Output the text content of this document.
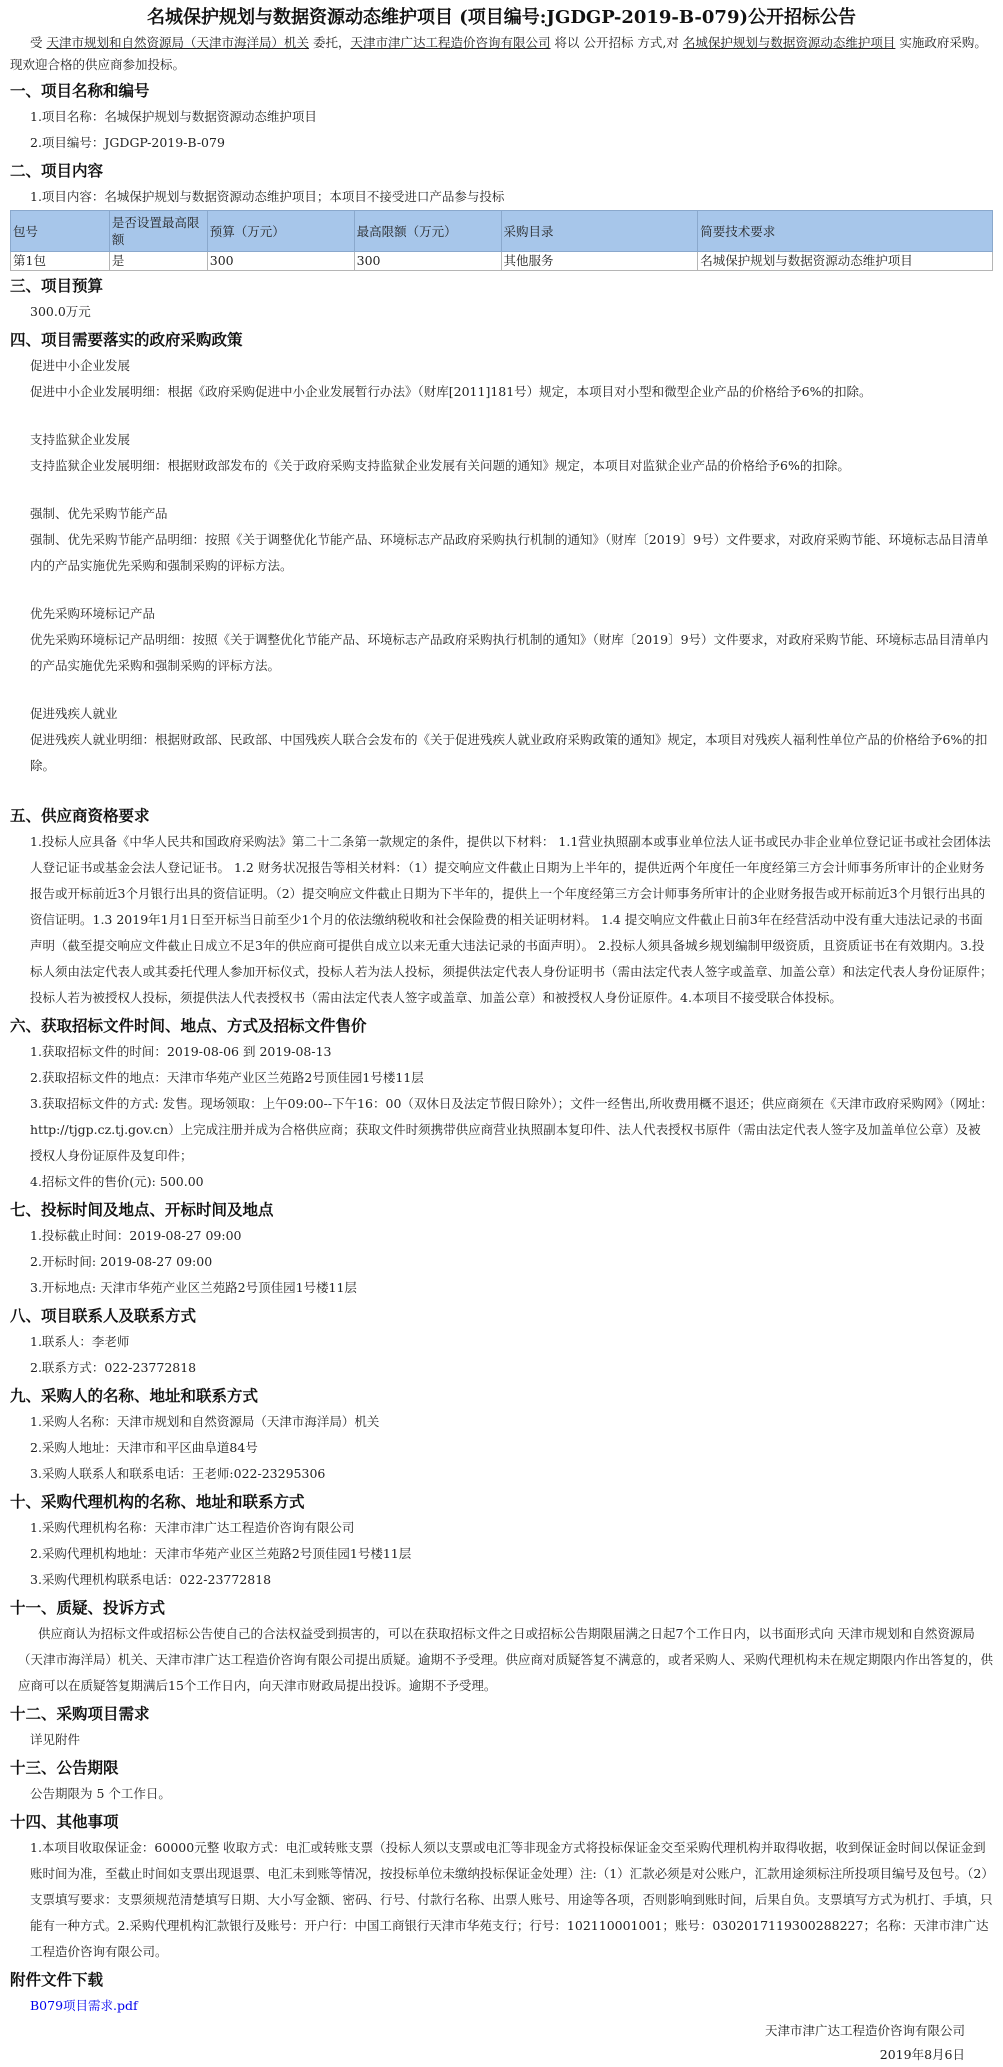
名城保护规划与数据资源动态维护项目 (项目编号:JGDGP-2019-B-079)公开招标公告

受 天津市规划和自然资源局（天津市海洋局）机关 委托，天津市津广达工程造价咨询有限公司 将以 公开招标 方式,对 名城保护规划与数据资源动态维护项目 实施政府采购。现欢迎合格的供应商参加投标。

一、项目名称和编号
1.项目名称：名城保护规划与数据资源动态维护项目
2.项目编号：JGDGP-2019-B-079
二、项目内容
1.项目内容：名城保护规划与数据资源动态维护项目；本项目不接受进口产品参与投标
包号	是否设置最高限额	预算（万元）	最高限额（万元）	采购目录	简要技术要求
第1包	是	300	300	其他服务	名城保护规划与数据资源动态维护项目
三、项目预算
300.0万元
四、项目需要落实的政府采购政策
促进中小企业发展
促进中小企业发展明细：根据《政府采购促进中小企业发展暂行办法》（财库[2011]181号）规定，本项目对小型和微型企业产品的价格给予6%的扣除。
支持监狱企业发展
支持监狱企业发展明细：根据财政部发布的《关于政府采购支持监狱企业发展有关问题的通知》规定，本项目对监狱企业产品的价格给予6%的扣除。
强制、优先采购节能产品
强制、优先采购节能产品明细：按照《关于调整优化节能产品、环境标志产品政府采购执行机制的通知》（财库〔2019〕9号）文件要求，对政府采购节能、环境标志品目清单内的产品实施优先采购和强制采购的评标方法。
优先采购环境标记产品
优先采购环境标记产品明细：按照《关于调整优化节能产品、环境标志产品政府采购执行机制的通知》（财库〔2019〕9号）文件要求，对政府采购节能、环境标志品目清单内的产品实施优先采购和强制采购的评标方法。
促进残疾人就业
促进残疾人就业明细：根据财政部、民政部、中国残疾人联合会发布的《关于促进残疾人就业政府采购政策的通知》规定，本项目对残疾人福利性单位产品的价格给予6%的扣除。
五、供应商资格要求
1.投标人应具备《中华人民共和国政府采购法》第二十二条第一款规定的条件，提供以下材料： 1.1营业执照副本或事业单位法人证书或民办非企业单位登记证书或社会团体法人登记证书或基金会法人登记证书。 1.2 财务状况报告等相关材料：（1）提交响应文件截止日期为上半年的，提供近两个年度任一年度经第三方会计师事务所审计的企业财务报告或开标前近3个月银行出具的资信证明。（2）提交响应文件截止日期为下半年的，提供上一个年度经第三方会计师事务所审计的企业财务报告或开标前近3个月银行出具的资信证明。1.3 2019年1月1日至开标当日前至少1个月的依法缴纳税收和社会保险费的相关证明材料。 1.4 提交响应文件截止日前3年在经营活动中没有重大违法记录的书面声明（截至提交响应文件截止日成立不足3年的供应商可提供自成立以来无重大违法记录的书面声明）。 2.投标人须具备城乡规划编制甲级资质，且资质证书在有效期内。3.投标人须由法定代表人或其委托代理人参加开标仪式，投标人若为法人投标，须提供法定代表人身份证明书（需由法定代表人签字或盖章、加盖公章）和法定代表人身份证原件；投标人若为被授权人投标，须提供法人代表授权书（需由法定代表人签字或盖章、加盖公章）和被授权人身份证原件。4.本项目不接受联合体投标。
六、获取招标文件时间、地点、方式及招标文件售价
1.获取招标文件的时间：2019-08-06 到 2019-08-13
2.获取招标文件的地点：天津市华苑产业区兰苑路2号顶佳园1号楼11层
3.获取招标文件的方式: 发售。现场领取：上午09:00--下午16：00（双休日及法定节假日除外）；文件一经售出,所收费用概不退还；供应商须在《天津市政府采购网》（网址：http://tjgp.cz.tj.gov.cn）上完成注册并成为合格供应商；获取文件时须携带供应商营业执照副本复印件、法人代表授权书原件（需由法定代表人签字及加盖单位公章）及被授权人身份证原件及复印件；
4.招标文件的售价(元): 500.00
七、投标时间及地点、开标时间及地点
1.投标截止时间：2019-08-27 09:00
2.开标时间: 2019-08-27 09:00
3.开标地点: 天津市华苑产业区兰苑路2号顶佳园1号楼11层
八、项目联系人及联系方式
1.联系人：李老师
2.联系方式：022-23772818
九、采购人的名称、地址和联系方式
1.采购人名称：天津市规划和自然资源局（天津市海洋局）机关
2.采购人地址：天津市和平区曲阜道84号
3.采购人联系人和联系电话：王老师:022-23295306
十、采购代理机构的名称、地址和联系方式
1.采购代理机构名称：天津市津广达工程造价咨询有限公司
2.采购代理机构地址：天津市华苑产业区兰苑路2号顶佳园1号楼11层
3.采购代理机构联系电话：022-23772818
十一、质疑、投诉方式
供应商认为招标文件或招标公告使自己的合法权益受到损害的，可以在获取招标文件之日或招标公告期限届满之日起7个工作日内，以书面形式向 天津市规划和自然资源局（天津市海洋局）机关、天津市津广达工程造价咨询有限公司提出质疑。逾期不予受理。供应商对质疑答复不满意的，或者采购人、采购代理机构未在规定期限内作出答复的，供应商可以在质疑答复期满后15个工作日内，向天津市财政局提出投诉。逾期不予受理。
十二、采购项目需求
详见附件
十三、公告期限
公告期限为 5 个工作日。
十四、其他事项
1.本项目收取保证金：60000元整 收取方式：电汇或转账支票（投标人须以支票或电汇等非现金方式将投标保证金交至采购代理机构并取得收据，收到保证金时间以保证金到账时间为准，至截止时间如支票出现退票、电汇未到账等情况，按投标单位未缴纳投标保证金处理）注:（1）汇款必须是对公账户，汇款用途须标注所投项目编号及包号。（2）支票填写要求：支票须规范清楚填写日期、大小写金额、密码、行号、付款行名称、出票人账号、用途等各项，否则影响到账时间，后果自负。支票填写方式为机打、手填，只能有一种方式。2.采购代理机构汇款银行及账号：开户行：中国工商银行天津市华苑支行；行号：102110001001；账号：0302017119300288227；名称：天津市津广达工程造价咨询有限公司。
附件文件下载
B079项目需求.pdf
天津市津广达工程造价咨询有限公司
2019年8月6日
